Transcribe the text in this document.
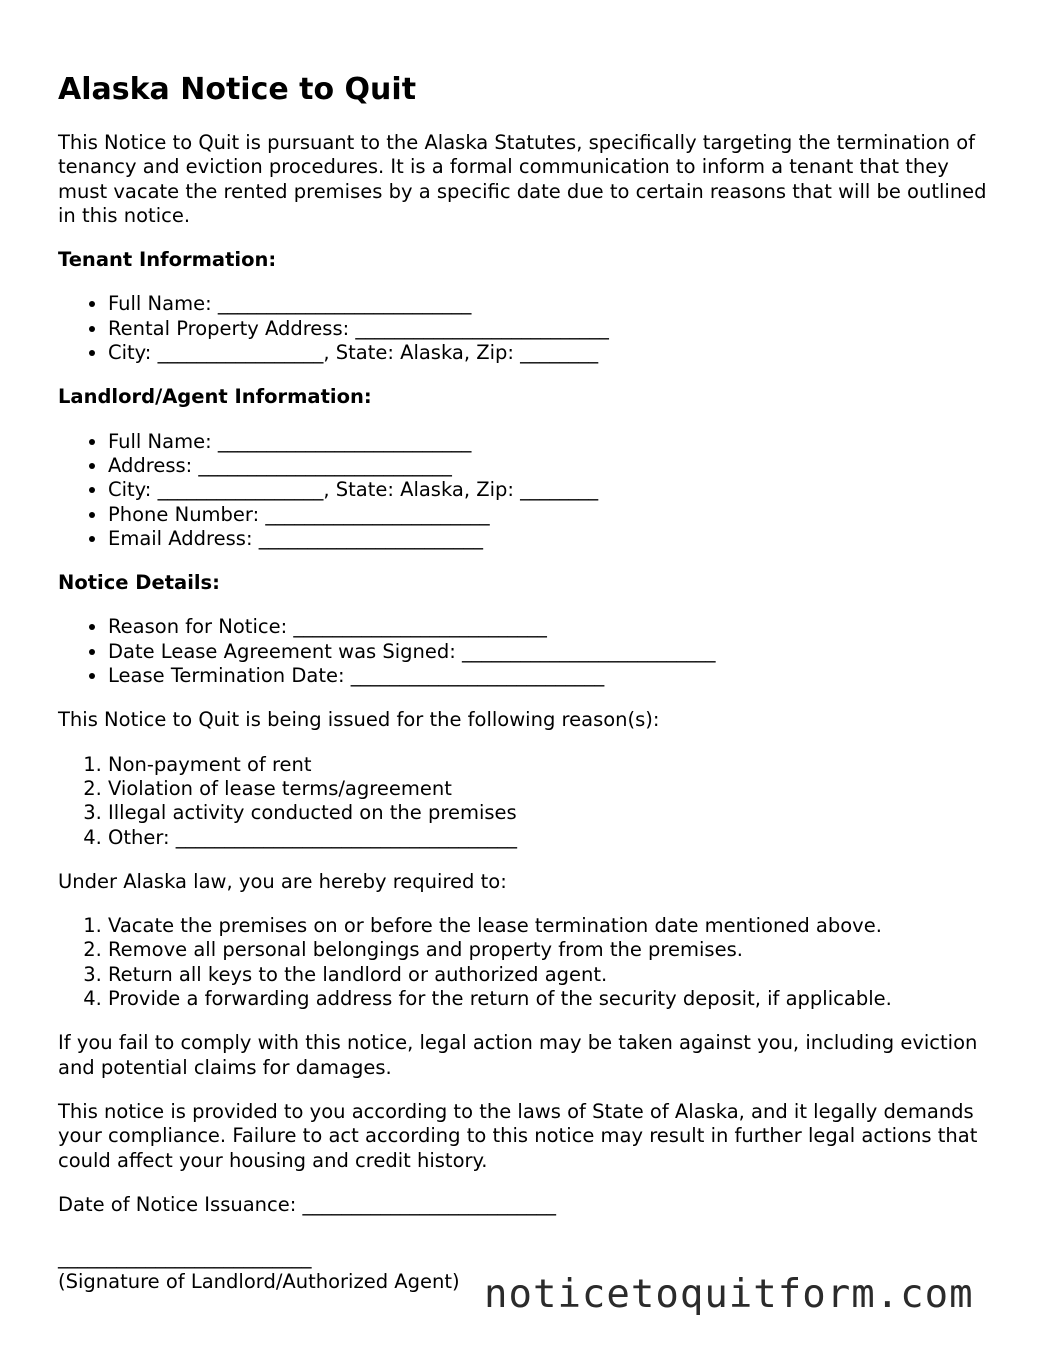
Alaska Notice to Quit

This Notice to Quit is pursuant to the Alaska Statutes, specifically targeting the termination of tenancy and eviction procedures. It is a formal communication to inform a tenant that they must vacate the rented premises by a specific date due to certain reasons that will be outlined in this notice.

Tenant Information:
• Full Name: __________________________
• Rental Property Address: __________________________
• City: _________________, State: Alaska, Zip: ________
Landlord/Agent Information:
• Full Name: __________________________
• Address: __________________________
• City: _________________, State: Alaska, Zip: ________
• Phone Number: _______________________
• Email Address: _______________________
Notice Details:
• Reason for Notice: __________________________
• Date Lease Agreement was Signed: __________________________
• Lease Termination Date: __________________________

This Notice to Quit is being issued for the following reason(s):

1. Non-payment of rent
2. Violation of lease terms/agreement
3. Illegal activity conducted on the premises
4. Other: ___________________________________

Under Alaska law, you are hereby required to:

1. Vacate the premises on or before the lease termination date mentioned above.
2. Remove all personal belongings and property from the premises.
3. Return all keys to the landlord or authorized agent.
4. Provide a forwarding address for the return of the security deposit, if applicable.

If you fail to comply with this notice, legal action may be taken against you, including eviction and potential claims for damages.

This notice is provided to you according to the laws of State of Alaska, and it legally demands your compliance. Failure to act according to this notice may result in further legal actions that could affect your housing and credit history.

Date of Notice Issuance: __________________________
__________________________
(Signature of Landlord/Authorized Agent) noticetoquitform.com
